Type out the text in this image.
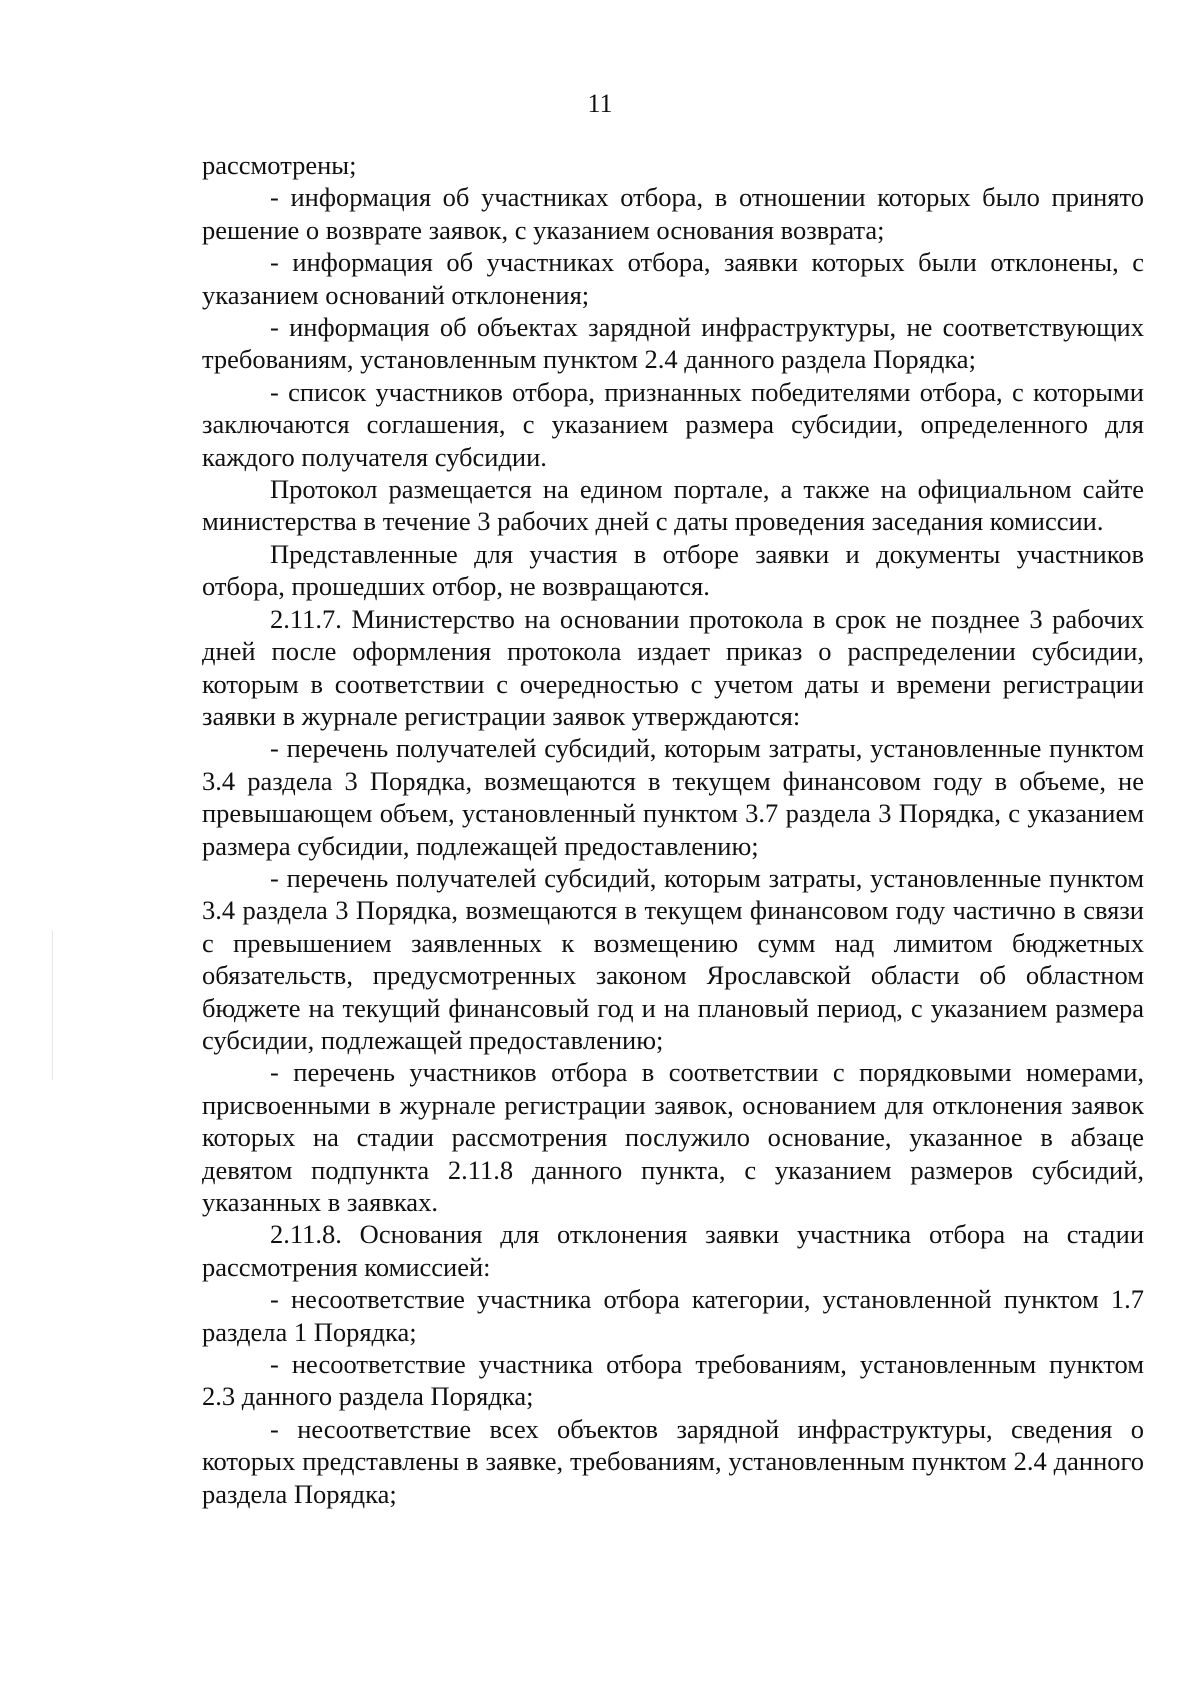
11

рассмотрены;

- информация об участниках отбора, в отношении которых было принято решение о возврате заявок, с указанием основания возврата;

- информация об участниках отбора, заявки которых были отклонены, с указанием оснований отклонения;

- информация об объектах зарядной инфраструктуры, не соответствующих требованиям, установленным пунктом 2.4 данного раздела Порядка;

- список участников отбора, признанных победителями отбора, с которыми заключаются соглашения, с указанием размера субсидии, определенного для каждого получателя субсидии.

Протокол размещается на едином портале, а также на официальном сайте министерства в течение 3 рабочих дней с даты проведения заседания комиссии.

Представленные для участия в отборе заявки и документы участников отбора, прошедших отбор, не возвращаются.

2.11.7. Министерство на основании протокола в срок не позднее 3 рабочих дней после оформления протокола издает приказ о распределении субсидии, которым в соответствии с очередностью с учетом даты и времени регистрации заявки в журнале регистрации заявок утверждаются:

- перечень получателей субсидий, которым затраты, установленные пунктом 3.4 раздела 3 Порядка, возмещаются в текущем финансовом году в объеме, не превышающем объем, установленный пунктом 3.7 раздела 3 Порядка, с указанием размера субсидии, подлежащей предоставлению;

- перечень получателей субсидий, которым затраты, установленные пунктом 3.4 раздела 3 Порядка, возмещаются в текущем финансовом году частично в связи с превышением заявленных к возмещению сумм над лимитом бюджетных обязательств, предусмотренных законом Ярославской области об областном бюджете на текущий финансовый год и на плановый период, с указанием размера субсидии, подлежащей предоставлению;

- перечень участников отбора в соответствии с порядковыми номерами, присвоенными в журнале регистрации заявок, основанием для отклонения заявок которых на стадии рассмотрения послужило основание, указанное в абзаце девятом подпункта 2.11.8 данного пункта, с указанием размеров субсидий, указанных в заявках.

2.11.8. Основания для отклонения заявки участника отбора на стадии рассмотрения комиссией:

- несоответствие участника отбора категории, установленной пунктом 1.7 раздела 1 Порядка;

- несоответствие участника отбора требованиям, установленным пунктом 2.3 данного раздела Порядка;

- несоответствие всех объектов зарядной инфраструктуры, сведения о которых представлены в заявке, требованиям, установленным пунктом 2.4 данного раздела Порядка;
